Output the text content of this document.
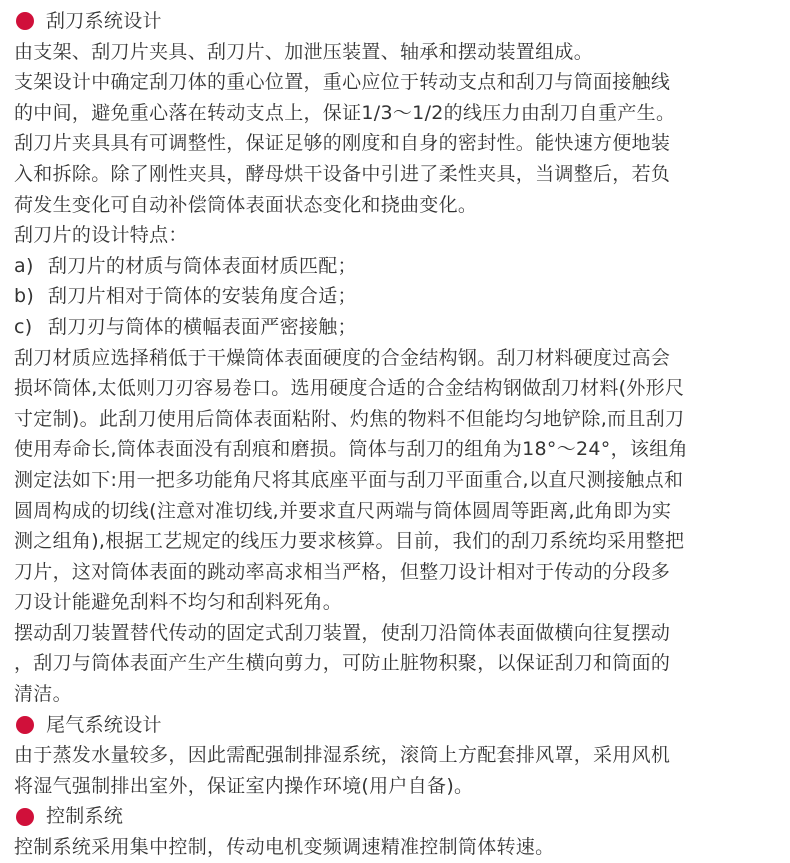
刮刀系统设计
由支架、刮刀片夹具、刮刀片、加泄压装置、轴承和摆动装置组成。
支架设计中确定刮刀体的重心位置，重心应位于转动支点和刮刀与筒面接触线
的中间，避免重心落在转动支点上，保证1/3～1/2的线压力由刮刀自重产生。
刮刀片夹具具有可调整性，保证足够的刚度和自身的密封性。能快速方便地装
入和拆除。除了刚性夹具，酵母烘干设备中引进了柔性夹具，当调整后，若负
荷发生变化可自动补偿筒体表面状态变化和挠曲变化。
刮刀片的设计特点：
a) 刮刀片的材质与筒体表面材质匹配；
b) 刮刀片相对于筒体的安装角度合适；
c) 刮刀刃与筒体的横幅表面严密接触；
刮刀材质应选择稍低于干燥筒体表面硬度的合金结构钢。刮刀材料硬度过高会
损坏筒体,太低则刀刃容易卷口。选用硬度合适的合金结构钢做刮刀材料(外形尺
寸定制)。此刮刀使用后筒体表面粘附、灼焦的物料不但能均匀地铲除,而且刮刀
使用寿命长,筒体表面没有刮痕和磨损。筒体与刮刀的组角为18°～24°，该组角
测定法如下:用一把多功能角尺将其底座平面与刮刀平面重合,以直尺测接触点和
圆周构成的切线(注意对准切线,并要求直尺两端与筒体圆周等距离,此角即为实
测之组角),根据工艺规定的线压力要求核算。目前，我们的刮刀系统均采用整把
刀片，这对筒体表面的跳动率高求相当严格，但整刀设计相对于传动的分段多
刀设计能避免刮料不均匀和刮料死角。
摆动刮刀装置替代传动的固定式刮刀装置，使刮刀沿筒体表面做横向往复摆动
，刮刀与筒体表面产生产生横向剪力，可防止脏物积聚，以保证刮刀和筒面的
清洁。
尾气系统设计
由于蒸发水量较多，因此需配强制排湿系统，滚筒上方配套排风罩，采用风机
将湿气强制排出室外，保证室内操作环境(用户自备)。
控制系统
控制系统采用集中控制，传动电机变频调速精准控制筒体转速。
